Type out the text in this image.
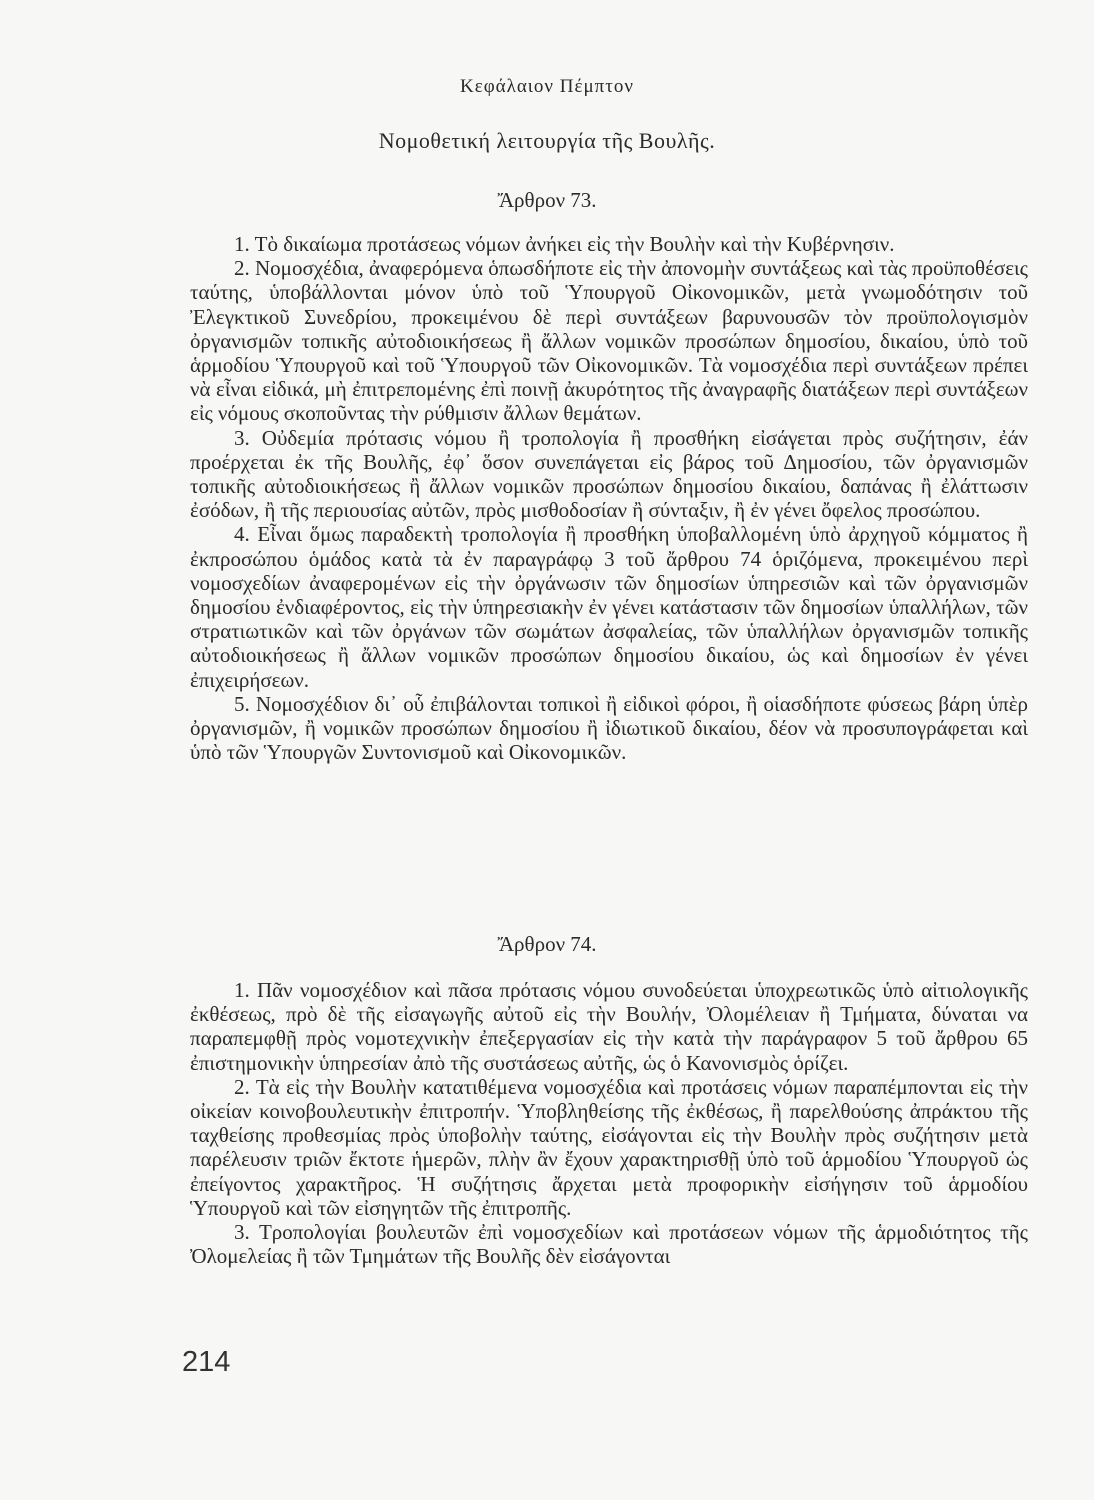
Κεφάλαιον Πέμπτον
Νομοθετική λειτουργία τῆς Βουλῆς.
Ἄρθρον 73.

1. Τὸ δικαίωμα προτάσεως νόμων ἀνήκει εἰς τὴν Βουλὴν καὶ τὴν Κυβέρνησιν.

2. Νομοσχέδια, ἀναφερόμενα ὁπωσδήποτε εἰς τὴν ἀπονομὴν συντάξεως καὶ τὰς προϋποθέσεις ταύτης, ὑποβάλλονται μόνον ὑπὸ τοῦ Ὑπουργοῦ Οἰκονομικῶν, μετὰ γνωμοδότησιν τοῦ Ἐλεγκτικοῦ Συνεδρίου, προκειμένου δὲ περὶ συντάξεων βαρυνουσῶν τὸν προϋπολογισμὸν ὀργανισμῶν τοπικῆς αὐτοδιοικήσεως ἢ ἄλλων νομικῶν προσώπων δημοσίου, δικαίου, ὑπὸ τοῦ ἁρμοδίου Ὑπουργοῦ καὶ τοῦ Ὑπουργοῦ τῶν Οἰκονομικῶν. Τὰ νομοσχέδια περὶ συντάξεων πρέπει νὰ εἶναι εἰδικά, μὴ ἐπιτρεπομένης ἐπὶ ποινῇ ἀκυρότητος τῆς ἀναγραφῆς διατάξεων περὶ συντάξεων εἰς νόμους σκοποῦντας τὴν ρύθμισιν ἄλλων θεμάτων.

3. Οὐδεμία πρότασις νόμου ἢ τροπολογία ἢ προσθήκη εἰσάγεται πρὸς συζήτησιν, ἐάν προέρχεται ἐκ τῆς Βουλῆς, ἐφ᾿ ὅσον συνεπάγεται εἰς βάρος τοῦ Δημοσίου, τῶν ὀργανισμῶν τοπικῆς αὐτοδιοικήσεως ἢ ἄλλων νομικῶν προσώπων δημοσίου δικαίου, δαπάνας ἢ ἐλάττωσιν ἐσόδων, ἢ τῆς περιουσίας αὐτῶν, πρὸς μισθοδοσίαν ἢ σύνταξιν, ἢ ἐν γένει ὄφελος προσώπου.

4. Εἶναι ὅμως παραδεκτὴ τροπολογία ἢ προσθήκη ὑποβαλλομένη ὑπὸ ἀρχηγοῦ κόμματος ἢ ἐκπροσώπου ὁμάδος κατὰ τὰ ἐν παραγράφῳ 3 τοῦ ἄρθρου 74 ὁριζόμενα, προκειμένου περὶ νομοσχεδίων ἀναφερομένων εἰς τὴν ὀργάνωσιν τῶν δημοσίων ὑπηρεσιῶν καὶ τῶν ὀργανισμῶν δημοσίου ἐνδιαφέροντος, εἰς τὴν ὑπηρεσιακὴν ἐν γένει κατάστασιν τῶν δημοσίων ὑπαλλήλων, τῶν στρατιωτικῶν καὶ τῶν ὀργάνων τῶν σωμάτων ἀσφαλείας, τῶν ὑπαλλήλων ὀργανισμῶν τοπικῆς αὐτοδιοικήσεως ἢ ἄλλων νομικῶν προσώπων δημοσίου δικαίου, ὡς καὶ δημοσίων ἐν γένει ἐπιχειρήσεων.

5. Νομοσχέδιον δι᾿ οὗ ἐπιβάλονται τοπικοὶ ἢ εἰδικοὶ φόροι, ἢ οἱασδήποτε φύσεως βάρη ὑπὲρ ὀργανισμῶν, ἢ νομικῶν προσώπων δημοσίου ἢ ἰδιωτικοῦ δικαίου, δέον νὰ προσυπογράφεται καὶ ὑπὸ τῶν Ὑπουργῶν Συντονισμοῦ καὶ Οἰκονομικῶν.

Ἄρθρον 74.

1. Πᾶν νομοσχέδιον καὶ πᾶσα πρότασις νόμου συνοδεύεται ὑποχρεωτικῶς ὑπὸ αἰτιολογικῆς ἐκθέσεως, πρὸ δὲ τῆς εἰσαγωγῆς αὐτοῦ εἰς τὴν Βουλήν, Ὀλομέλειαν ἢ Τμήματα, δύναται να παραπεμφθῇ πρὸς νομοτεχνικὴν ἐπεξεργασίαν εἰς τὴν κατὰ τὴν παράγραφον 5 τοῦ ἄρθρου 65 ἐπιστημονικὴν ὑπηρεσίαν ἀπὸ τῆς συστάσεως αὐτῆς, ὡς ὁ Κανονισμὸς ὁρίζει.

2. Τὰ εἰς τὴν Βουλὴν κατατιθέμενα νομοσχέδια καὶ προτάσεις νόμων παραπέμπονται εἰς τὴν οἰκείαν κοινοβουλευτικὴν ἐπιτροπήν. Ὑποβληθείσης τῆς ἐκθέσως, ἢ παρελθούσης ἀπράκτου τῆς ταχθείσης προθεσμίας πρὸς ὑποβολὴν ταύτης, εἰσάγονται εἰς τὴν Βουλὴν πρὸς συζήτησιν μετὰ παρέλευσιν τριῶν ἔκτοτε ἡμερῶν, πλὴν ἂν ἔχουν χαρακτηρισθῇ ὑπὸ τοῦ ἁρμοδίου Ὑπουργοῦ ὡς ἐπείγοντος χαρακτῆρος. Ἡ συζήτησις ἄρχεται μετὰ προφορικὴν εἰσήγησιν τοῦ ἁρμοδίου Ὑπουργοῦ καὶ τῶν εἰσηγητῶν τῆς ἐπιτροπῆς.

3. Τροπολογίαι βουλευτῶν ἐπὶ νομοσχεδίων καὶ προτάσεων νόμων τῆς ἁρμοδιότητος τῆς Ὀλομελείας ἢ τῶν Τμημάτων τῆς Βουλῆς δὲν εἰσάγονται

214
